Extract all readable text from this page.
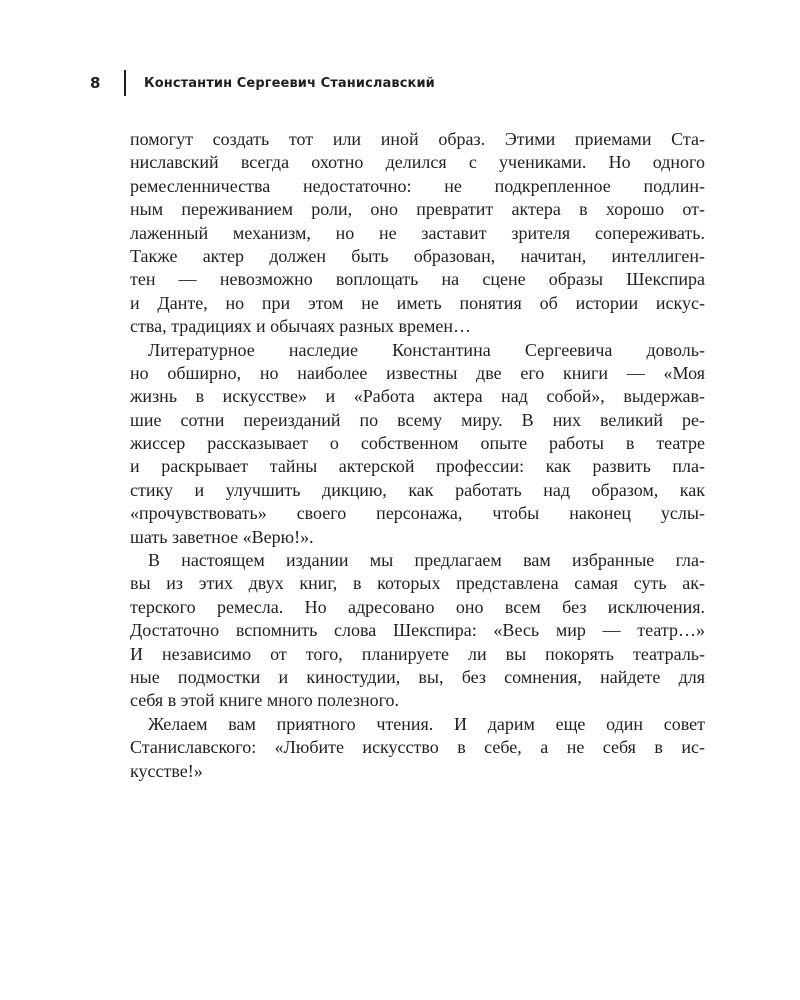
8	Константин Сергеевич Станиславский
помогут создать тот или иной образ. Этими приемами Ста-
ниславский всегда охотно делился с учениками. Но одного
ремесленничества недостаточно: не подкрепленное подлин-
ным переживанием роли, оно превратит актера в хорошо от-
лаженный механизм, но не заставит зрителя сопереживать.
Также актер должен быть образован, начитан, интеллиген-
тен — невозможно воплощать на сцене образы Шекспира
и Данте, но при этом не иметь понятия об истории искус-
ства, традициях и обычаях разных времен…
Литературное наследие Константина Сергеевича доволь-
но обширно, но наиболее известны две его книги — «Моя
жизнь в искусстве» и «Работа актера над собой», выдержав-
шие сотни переизданий по всему миру. В них великий ре-
жиссер рассказывает о собственном опыте работы в театре
и раскрывает тайны актерской профессии: как развить пла-
стику и улучшить дикцию, как работать над образом, как
«прочувствовать» своего персонажа, чтобы наконец услы-
шать заветное «Верю!».
В настоящем издании мы предлагаем вам избранные гла-
вы из этих двух книг, в которых представлена самая суть ак-
терского ремесла. Но адресовано оно всем без исключения.
Достаточно вспомнить слова Шекспира: «Весь мир — театр…»
И независимо от того, планируете ли вы покорять театраль-
ные подмостки и киностудии, вы, без сомнения, найдете для
себя в этой книге много полезного.
Желаем вам приятного чтения. И дарим еще один совет
Станиславского: «Любите искусство в себе, а не себя в ис-
кусстве!»
